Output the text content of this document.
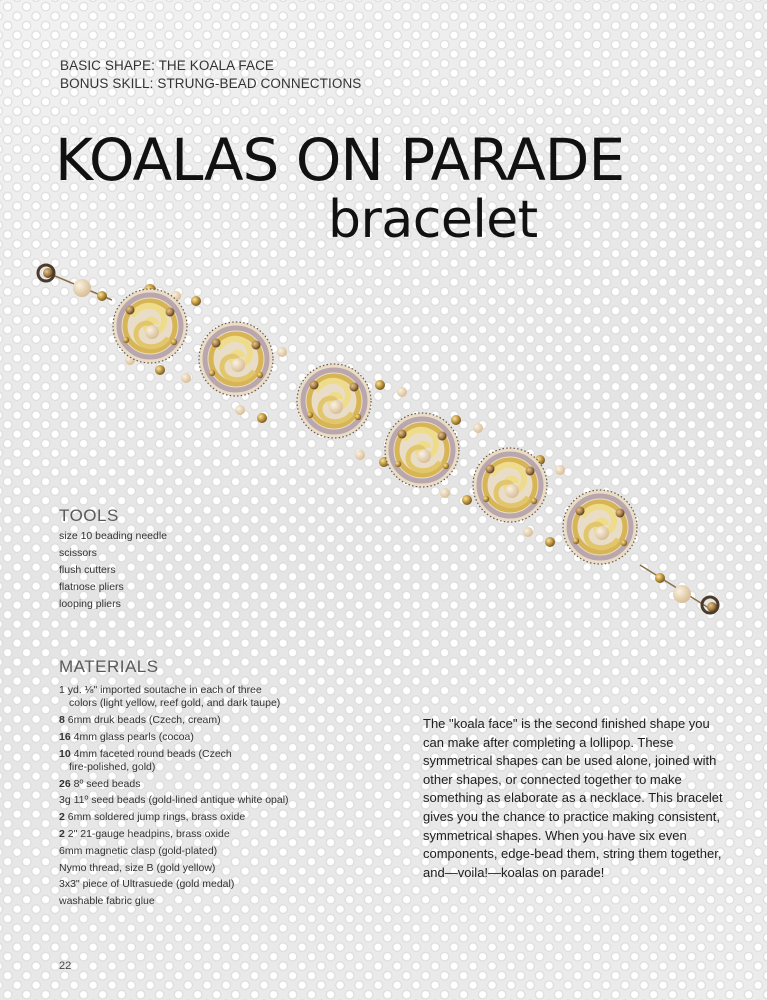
BASIC SHAPE: THE KOALA FACE
BONUS SKILL: STRUNG-BEAD CONNECTIONS
KOALAS ON PARADE
bracelet
TOOLS
size 10 beading needle
scissors
flush cutters
flatnose pliers
looping pliers
MATERIALS
1 yd. ⅛" imported soutache in each of three
colors (light yellow, reef gold, and dark taupe)
8 6mm druk beads (Czech, cream)
16 4mm glass pearls (cocoa)
10 4mm faceted round beads (Czech
fire-polished, gold)
26 8º seed beads
3g 11º seed beads (gold-lined antique white opal)
2 6mm soldered jump rings, brass oxide
2 2" 21-gauge headpins, brass oxide
6mm magnetic clasp (gold-plated)
Nymo thread, size B (gold yellow)
3x3" piece of Ultrasuede (gold medal)
washable fabric glue
The "koala face" is the second finished shape you can make after completing a lollipop. These symmetrical shapes can be used alone, joined with other shapes, or connected together to make something as elaborate as a necklace. This bracelet gives you the chance to practice making consistent, symmetrical shapes. When you have six even components, edge-bead them, string them together, and—voila!—koalas on parade!
22
